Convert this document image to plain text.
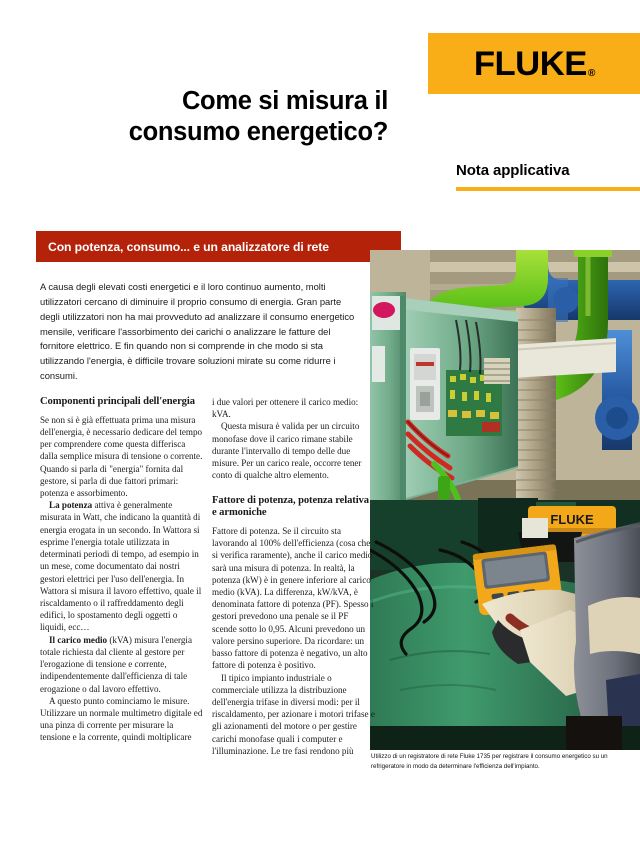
FLUKE®
Come si misura il
consumo energetico?
Nota applicativa
Con potenza, consumo... e un analizzatore di rete
FLUKE
Utilizzo di un registratore di rete Fluke 1735 per registrare il consumo energetico su un refrigeratore in modo da determinare l'efficienza dell'impianto.
A causa degli elevati costi energetici e il loro continuo aumento, molti utilizzatori cercano di diminuire il proprio consumo di energia. Gran parte degli utilizzatori non ha mai provveduto ad analizzare il consumo energetico mensile, verificare l'assorbimento dei carichi o analizzare le fatture del fornitore elettrico. E fin quando non si comprende in che modo si sta utilizzando l'energia, è difficile trovare soluzioni mirate su come ridurre i consumi.
Componenti principali dell'energia

Se non si è già effettuata prima una misura dell'energia, è necessario dedicare del tempo per comprendere come questa differisca dalla semplice misura di tensione o corrente. Quando si parla di "energia" fornita dal gestore, si parla di due fattori primari: potenza e assorbimento.

La potenza attiva è generalmente misurata in Watt, che indicano la quantità di energia erogata in un secondo. In Wattora si esprime l'energia totale utilizzata in determinati periodi di tempo, ad esempio in un mese, come documentato dai nostri gestori elettrici per l'uso dell'energia. In Wattora si misura il lavoro effettivo, quale il riscaldamento o il raffreddamento degli edifici, lo spostamento degli oggetti o liquidi, ecc…

Il carico medio (kVA) misura l'energia totale richiesta dal cliente al gestore per l'erogazione di tensione e corrente, indipendentemente dall'efficienza di tale erogazione o dal lavoro effettivo.

A questo punto cominciamo le misure. Utilizzare un normale multimetro digitale ed una pinza di corrente per misurare la tensione e la corrente, quindi moltiplicare

i due valori per ottenere il carico medio: kVA.

Questa misura è valida per un circuito monofase dove il carico rimane stabile durante l'intervallo di tempo delle due misure. Per un carico reale, occorre tener conto di qualche altro elemento.

Fattore di potenza, potenza relativa e armoniche

Fattore di potenza. Se il circuito sta lavorando al 100% dell'efficienza (cosa che si verifica raramente), anche il carico medio sarà una misura di potenza. In realtà, la potenza (kW) è in genere inferiore al carico medio (kVA). La differenza, kW/kVA, è denominata fattore di potenza (PF). Spesso i gestori prevedono una penale se il PF scende sotto lo 0,95. Alcuni prevedono un valore persino superiore. Da ricordare: un basso fattore di potenza è negativo, un alto fattore di potenza è positivo.

Il tipico impianto industriale o commerciale utilizza la distribuzione dell'energia trifase in diversi modi: per il riscaldamento, per azionare i motori trifase e gli azionamenti del motore o per gestire carichi monofase quali i computer e l'illuminazione. Le tre fasi rendono più
